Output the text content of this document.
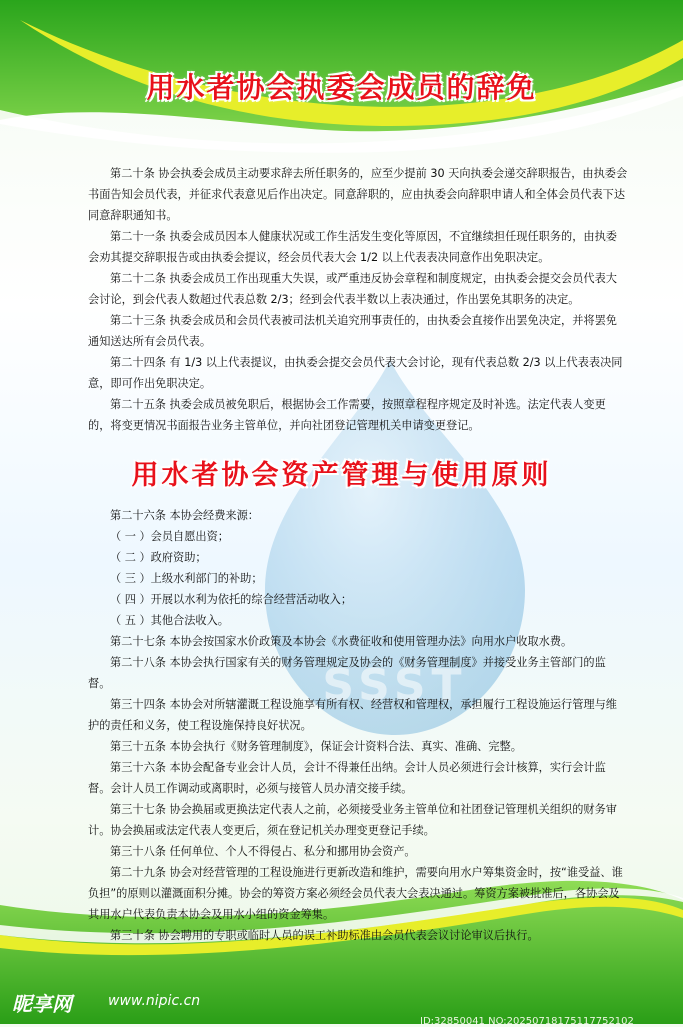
SSST
用水者协会执委会成员的辞免

第二十条 协会执委会成员主动要求辞去所任职务的，应至少提前 30 天向执委会递交辞职报告，由执委会书面告知会员代表，并征求代表意见后作出决定。同意辞职的，应由执委会向辞职申请人和全体会员代表下达同意辞职通知书。

第二十一条 执委会成员因本人健康状况或工作生活发生变化等原因，不宜继续担任现任职务的，由执委会劝其提交辞职报告或由执委会提议，经会员代表大会 1/2 以上代表表决同意作出免职决定。

第二十二条 执委会成员工作出现重大失误，或严重违反协会章程和制度规定，由执委会提交会员代表大会讨论，到会代表人数超过代表总数 2/3；经到会代表半数以上表决通过，作出罢免其职务的决定。

第二十三条 执委会成员和会员代表被司法机关追究刑事责任的，由执委会直接作出罢免决定，并将罢免通知送达所有会员代表。

第二十四条 有 1/3 以上代表提议，由执委会提交会员代表大会讨论，现有代表总数 2/3 以上代表表决同意，即可作出免职决定。

第二十五条 执委会成员被免职后，根据协会工作需要，按照章程程序规定及时补选。法定代表人变更的，将变更情况书面报告业务主管单位，并向社团登记管理机关申请变更登记。

用水者协会资产管理与使用原则

第二十六条 本协会经费来源：

（ 一 ）会员自愿出资；

（ 二 ）政府资助；

（ 三 ）上级水利部门的补助；

（ 四 ）开展以水利为依托的综合经营活动收入；

（ 五 ）其他合法收入。

第二十七条 本协会按国家水价政策及本协会《水费征收和使用管理办法》向用水户收取水费。

第二十八条 本协会执行国家有关的财务管理规定及协会的《财务管理制度》并接受业务主管部门的监督。

第三十四条 本协会对所辖灌溉工程设施享有所有权、经营权和管理权，承担履行工程设施运行管理与维护的责任和义务，使工程设施保持良好状况。

第三十五条 本协会执行《财务管理制度》，保证会计资料合法、真实、准确、完整。

第三十六条 本协会配备专业会计人员，会计不得兼任出纳。会计人员必须进行会计核算，实行会计监督。会计人员工作调动或离职时，必须与接管人员办清交接手续。

第三十七条 协会换届或更换法定代表人之前，必须接受业务主管单位和社团登记管理机关组织的财务审计。协会换届或法定代表人变更后，须在登记机关办理变更登记手续。

第三十八条 任何单位、个人不得侵占、私分和挪用协会资产。

第二十九条 协会对经营管理的工程设施进行更新改造和维护，需要向用水户筹集资金时，按“谁受益、谁负担”的原则以灌溉面积分摊。协会的筹资方案必须经会员代表大会表决通过。筹资方案被批准后，各协会及其用水户代表负责本协会及用水小组的资金筹集。

第三十条 协会聘用的专职或临时人员的误工补助标准由会员代表会议讨论审议后执行。

昵享网	www.nipic.cn
ID:32850041 NO:20250718175117752102
